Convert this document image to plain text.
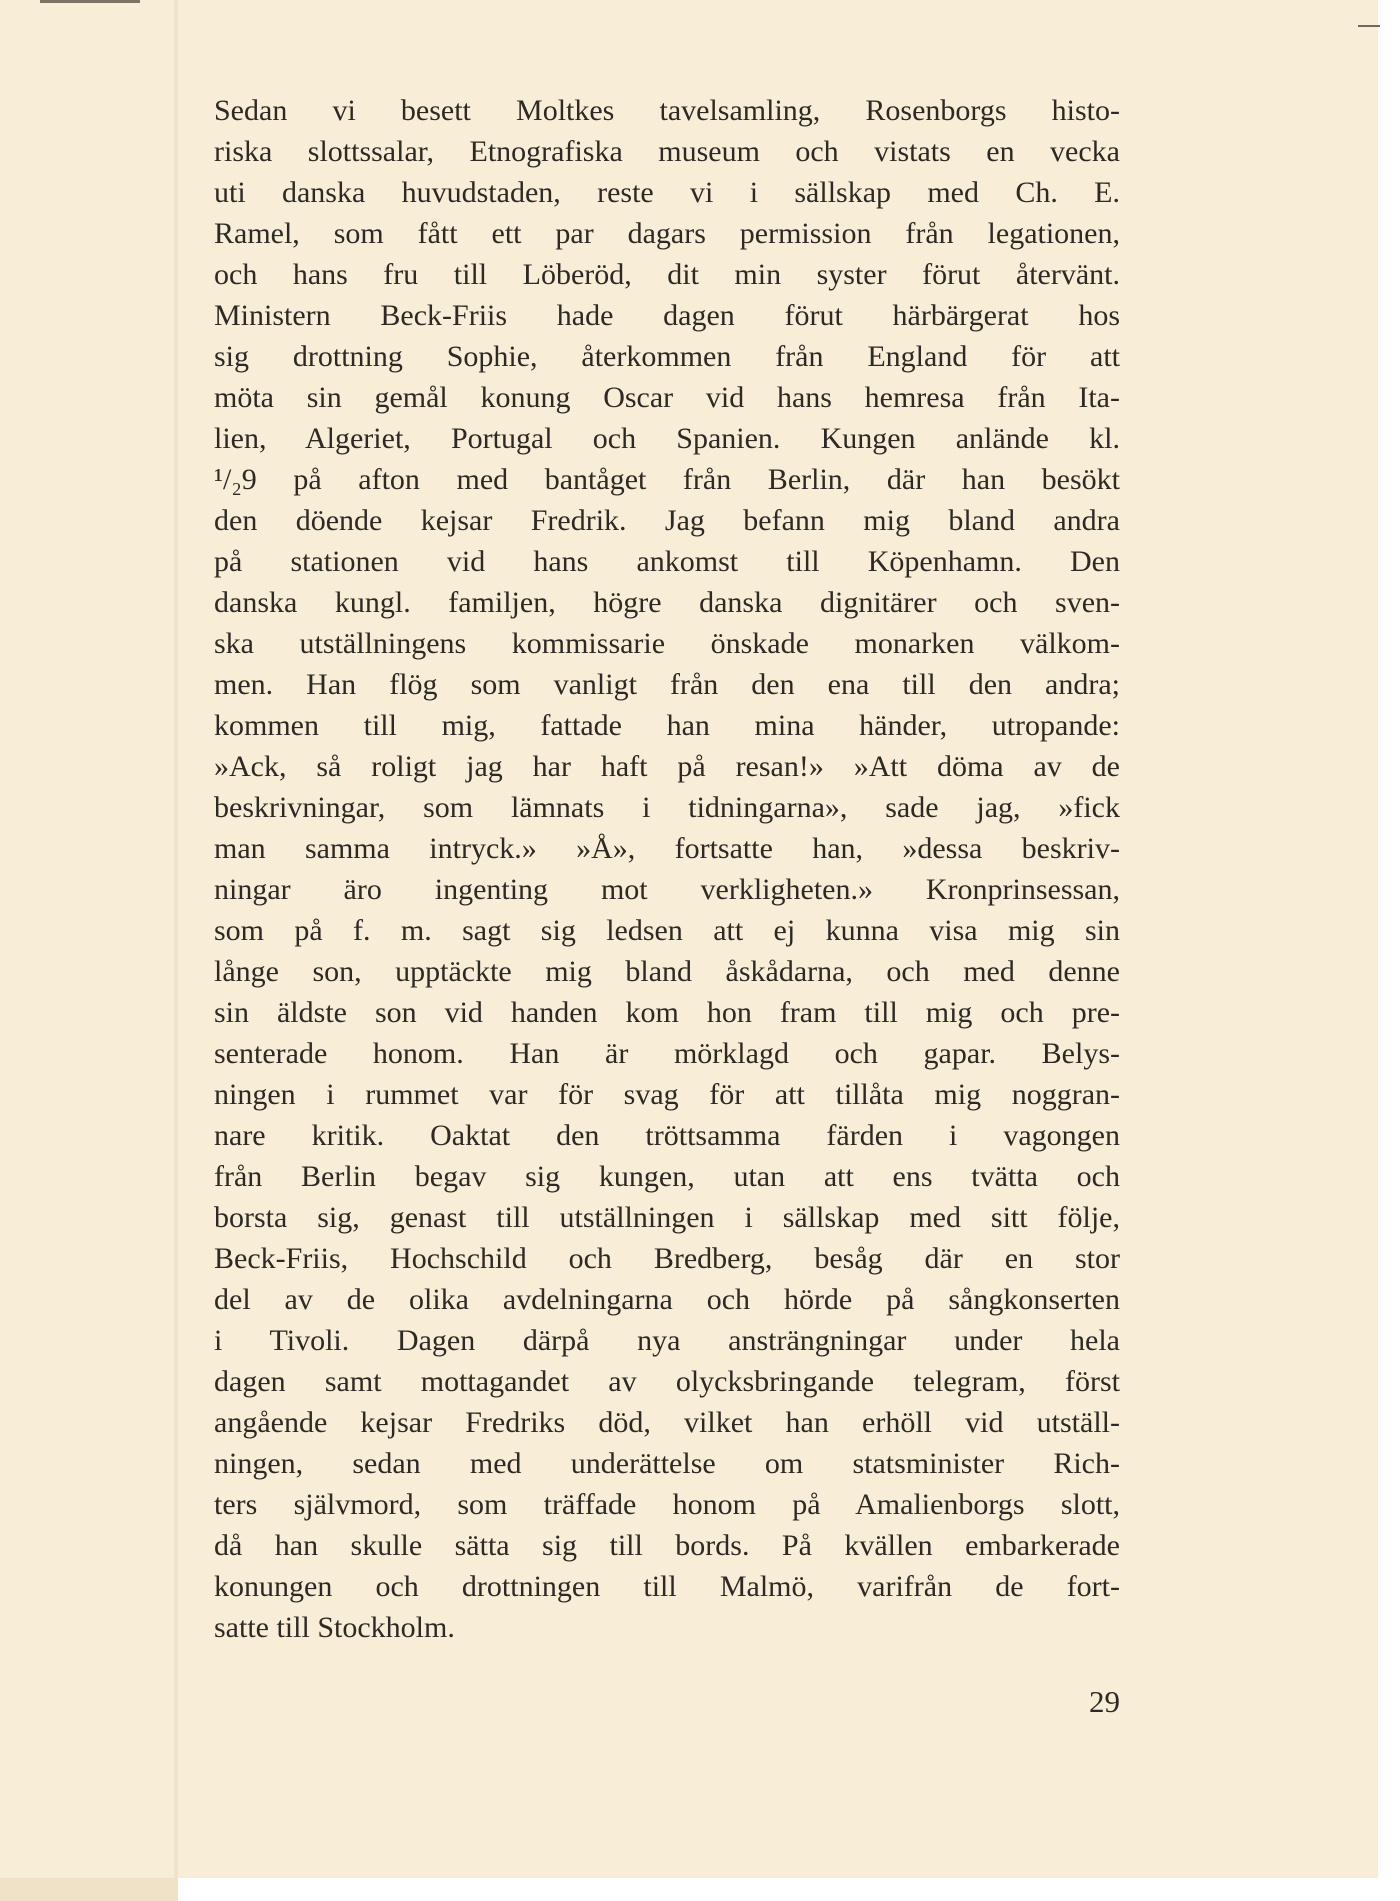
Sedan vi besett Moltkes tavelsamling, Rosenborgs histo-
riska slottssalar, Etnografiska museum och vistats en vecka
uti danska huvudstaden, reste vi i sällskap med Ch. E.
Ramel, som fått ett par dagars permission från legationen,
och hans fru till Löberöd, dit min syster förut återvänt.
Ministern Beck-Friis hade dagen förut härbärgerat hos
sig drottning Sophie, återkommen från England för att
möta sin gemål konung Oscar vid hans hemresa från Ita-
lien, Algeriet, Portugal och Spanien. Kungen anlände kl.
¹/₂9 på afton med bantåget från Berlin, där han besökt
den döende kejsar Fredrik. Jag befann mig bland andra
på stationen vid hans ankomst till Köpenhamn. Den
danska kungl. familjen, högre danska dignitärer och sven-
ska utställningens kommissarie önskade monarken välkom-
men. Han flög som vanligt från den ena till den andra;
kommen till mig, fattade han mina händer, utropande:
»Ack, så roligt jag har haft på resan!» »Att döma av de
beskrivningar, som lämnats i tidningarna», sade jag, »fick
man samma intryck.» »Å», fortsatte han, »dessa beskriv-
ningar äro ingenting mot verkligheten.» Kronprinsessan,
som på f. m. sagt sig ledsen att ej kunna visa mig sin
långe son, upptäckte mig bland åskådarna, och med denne
sin äldste son vid handen kom hon fram till mig och pre-
senterade honom. Han är mörklagd och gapar. Belys-
ningen i rummet var för svag för att tillåta mig noggran-
nare kritik. Oaktat den tröttsamma färden i vagongen
från Berlin begav sig kungen, utan att ens tvätta och
borsta sig, genast till utställningen i sällskap med sitt följe,
Beck-Friis, Hochschild och Bredberg, besåg där en stor
del av de olika avdelningarna och hörde på sångkonserten
i Tivoli. Dagen därpå nya ansträngningar under hela
dagen samt mottagandet av olycksbringande telegram, först
angående kejsar Fredriks död, vilket han erhöll vid utställ-
ningen, sedan med underättelse om statsminister Rich-
ters självmord, som träffade honom på Amalienborgs slott,
då han skulle sätta sig till bords. På kvällen embarkerade
konungen och drottningen till Malmö, varifrån de fort-
satte till Stockholm.

29
